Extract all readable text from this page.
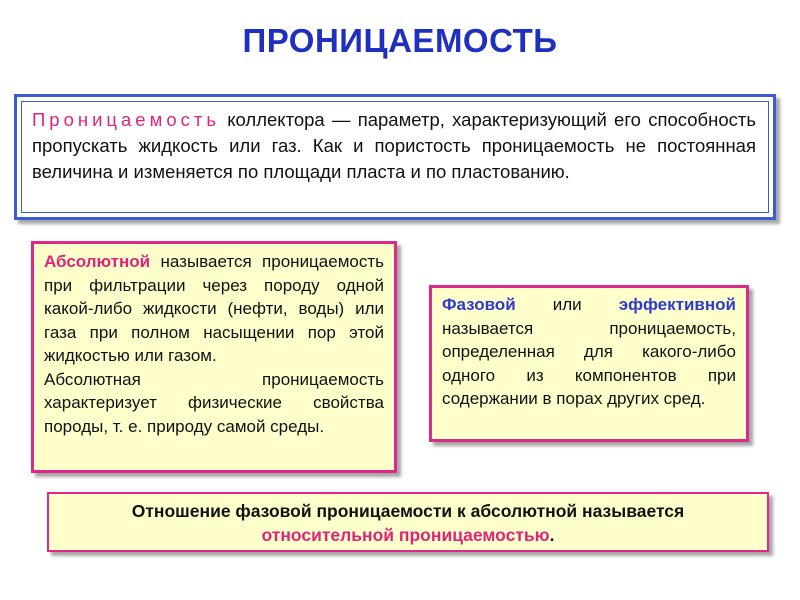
ПРОНИЦАЕМОСТЬ
Проницаемость коллектора — параметр, характеризующий его способность пропускать жидкость или газ. Как и пористость проницаемость не постоянная величина и изменяется по площади пласта и по пластованию.
Абсолютной называется проницаемость при фильтрации через породу одной какой-либо жидкости (нефти, воды) или газа при полном насыщении пор этой жидкостью или газом.
Абсолютная проницаемость характеризует физические свойства породы, т. е. природу самой среды.
Фазовой или эффективной называется проницаемость, определенная для какого-либо одного из компонентов при содержании в порах других сред.
Отношение фазовой проницаемости к абсолютной называется
относительной проницаемостью.
